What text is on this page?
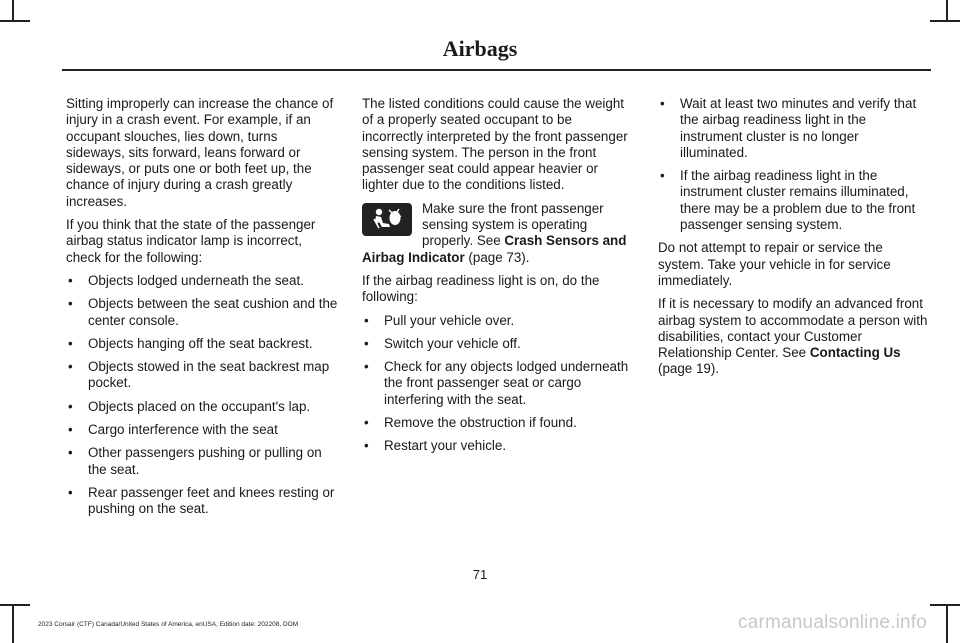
Airbags

Sitting improperly can increase the chance of injury in a crash event. For example, if an occupant slouches, lies down, turns sideways, sits forward, leans forward or sideways, or puts one or both feet up, the chance of injury during a crash greatly increases.

If you think that the state of the passenger airbag status indicator lamp is incorrect, check for the following:

• Objects lodged underneath the seat.
• Objects between the seat cushion and the center console.
• Objects hanging off the seat backrest.
• Objects stowed in the seat backrest map pocket.
• Objects placed on the occupant's lap.
• Cargo interference with the seat
• Other passengers pushing or pulling on the seat.
• Rear passenger feet and knees resting or pushing on the seat.

The listed conditions could cause the weight of a properly seated occupant to be incorrectly interpreted by the front passenger sensing system. The person in the front passenger seat could appear heavier or lighter due to the conditions listed.

Make sure the front passenger sensing system is operating properly. See Crash Sensors and Airbag Indicator (page 73).

If the airbag readiness light is on, do the following:

• Pull your vehicle over.
• Switch your vehicle off.
• Check for any objects lodged underneath the front passenger seat or cargo interfering with the seat.
• Remove the obstruction if found.
• Restart your vehicle.
• Wait at least two minutes and verify that the airbag readiness light in the instrument cluster is no longer illuminated.
• If the airbag readiness light in the instrument cluster remains illuminated, there may be a problem due to the front passenger sensing system.

Do not attempt to repair or service the system. Take your vehicle in for service immediately.

If it is necessary to modify an advanced front airbag system to accommodate a person with disabilities, contact your Customer Relationship Center. See Contacting Us (page 19).

71
2023 Corsair (CTF) Canada/United States of America, enUSA, Edition date: 202208, DOM	carmanualsonline.info
